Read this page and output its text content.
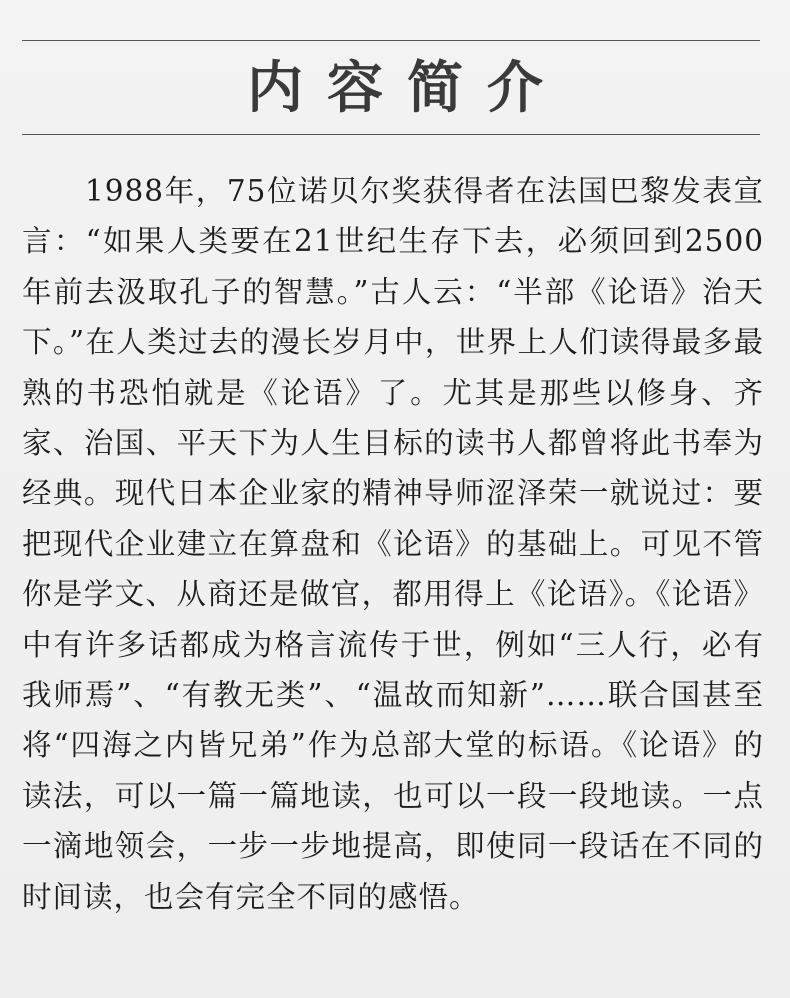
内容简介

1988年，75位诺贝尔奖获得者在法国巴黎发表宣言：“如果人类要在21世纪生存下去，必须回到2500年前去汲取孔子的智慧。”古人云：“半部《论语》治天下。”在人类过去的漫长岁月中，世界上人们读得最多最熟的书恐怕就是《论语》了。尤其是那些以修身、齐家、治国、平天下为人生目标的读书人都曾将此书奉为经典。现代日本企业家的精神导师涩泽荣一就说过：要把现代企业建立在算盘和《论语》的基础上。可见不管你是学文、从商还是做官，都用得上《论语》。《论语》中有许多话都成为格言流传于世，例如“三人行，必有我师焉”、“有教无类”、“温故而知新”……联合国甚至将“四海之内皆兄弟”作为总部大堂的标语。《论语》的读法，可以一篇一篇地读，也可以一段一段地读。一点一滴地领会，一步一步地提高，即使同一段话在不同的时间读，也会有完全不同的感悟。
